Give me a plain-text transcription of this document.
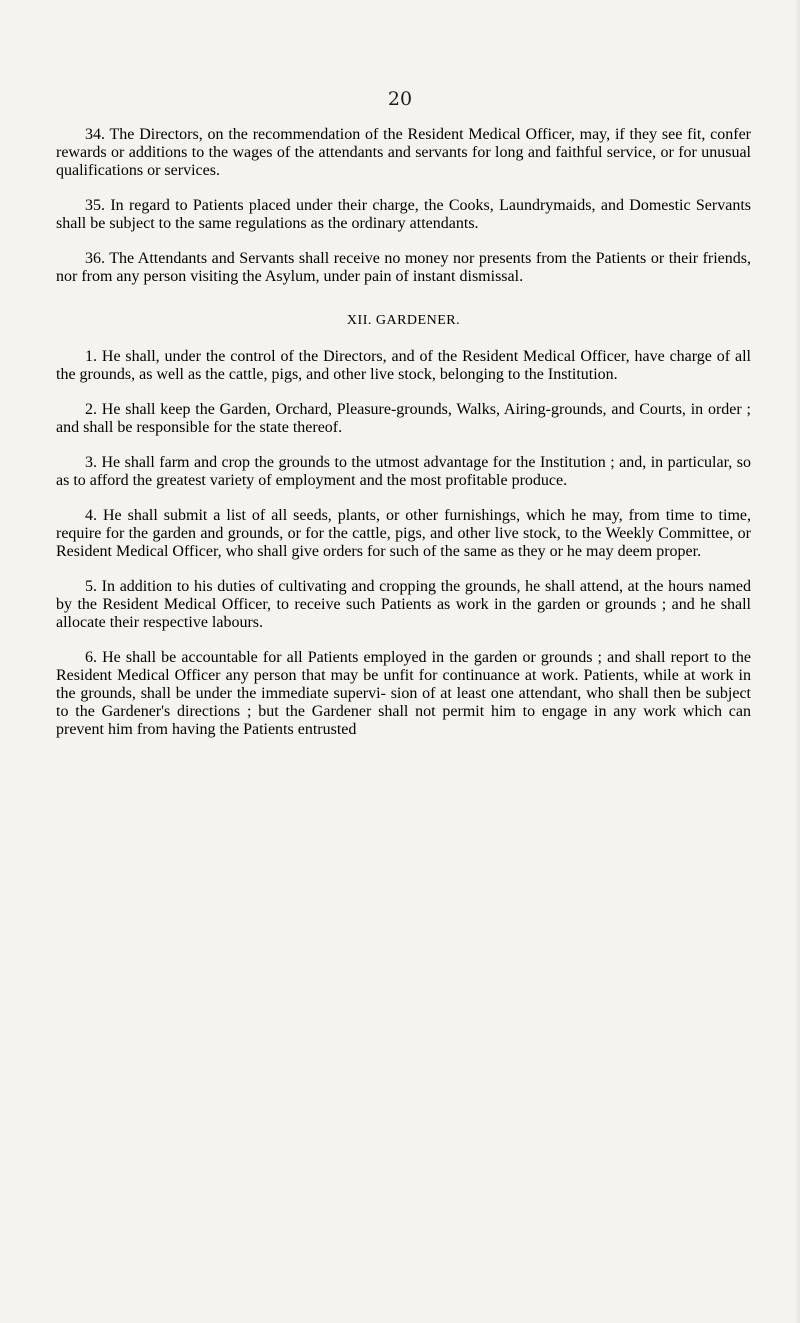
20

34. The Directors, on the recommendation of the Resident Medical Officer, may, if they see fit, confer rewards or additions to the wages of the attendants and servants for long and faithful service, or for unusual qualifications or services.

35. In regard to Patients placed under their charge, the Cooks, Laundrymaids, and Domestic Servants shall be subject to the same regulations as the ordinary attendants.

36. The Attendants and Servants shall receive no money nor presents from the Patients or their friends, nor from any person visiting the Asylum, under pain of instant dismissal.

XII. GARDENER.

1. He shall, under the control of the Directors, and of the Resident Medical Officer, have charge of all the grounds, as well as the cattle, pigs, and other live stock, belonging to the Institution.

2. He shall keep the Garden, Orchard, Pleasure-grounds, Walks, Airing-grounds, and Courts, in order ; and shall be responsible for the state thereof.

3. He shall farm and crop the grounds to the utmost advantage for the Institution ; and, in particular, so as to afford the greatest variety of employment and the most profitable produce.

4. He shall submit a list of all seeds, plants, or other furnishings, which he may, from time to time, require for the garden and grounds, or for the cattle, pigs, and other live stock, to the Weekly Committee, or Resident Medical Officer, who shall give orders for such of the same as they or he may deem proper.

5. In addition to his duties of cultivating and cropping the grounds, he shall attend, at the hours named by the Resident Medical Officer, to receive such Patients as work in the garden or grounds ; and he shall allocate their respective labours.

6. He shall be accountable for all Patients employed in the garden or grounds ; and shall report to the Resident Medical Officer any person that may be unfit for continuance at work. Patients, while at work in the grounds, shall be under the immediate supervi- sion of at least one attendant, who shall then be subject to the Gardener's directions ; but the Gardener shall not permit him to engage in any work which can prevent him from having the Patients entrusted
